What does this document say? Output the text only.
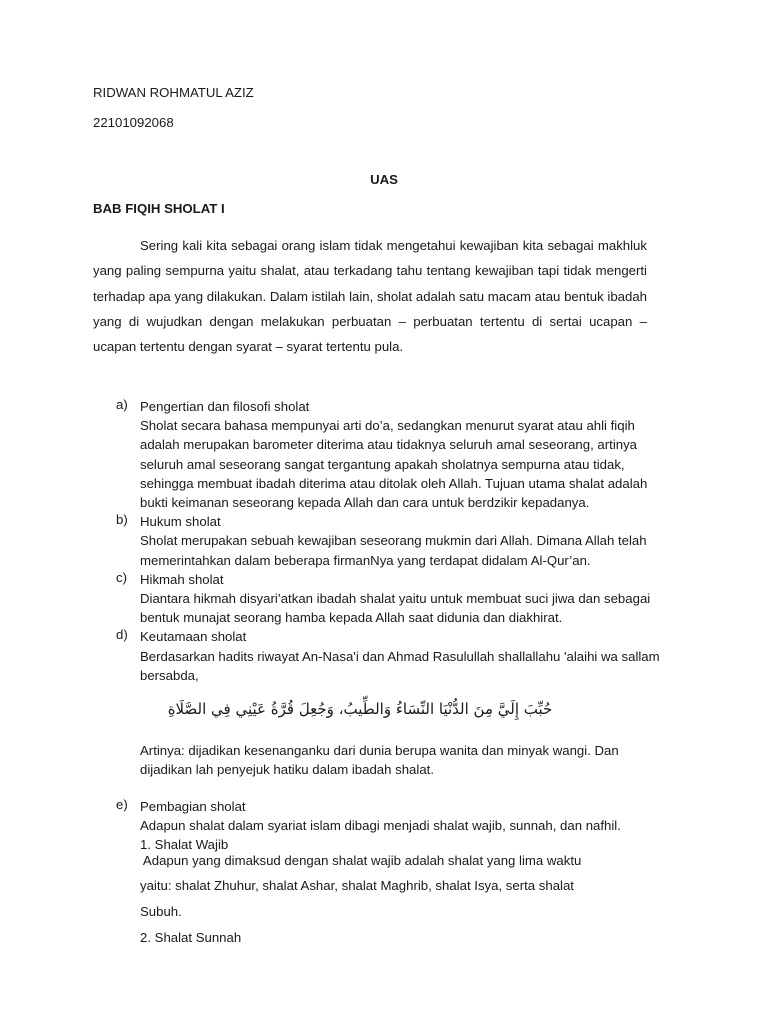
RIDWAN ROHMATUL AZIZ
22101092068
UAS
BAB FIQIH SHOLAT I

Sering kali kita sebagai orang islam tidak mengetahui kewajiban kita sebagai makhluk yang paling sempurna yaitu shalat, atau terkadang tahu tentang kewajiban tapi tidak mengerti terhadap apa yang dilakukan. Dalam istilah lain, sholat adalah satu macam atau bentuk ibadah yang di wujudkan dengan melakukan perbuatan – perbuatan tertentu di sertai ucapan – ucapan tertentu dengan syarat – syarat tertentu pula.

a) Pengertian dan filosofi sholat
Sholat secara bahasa mempunyai arti do’a, sedangkan menurut syarat atau ahli fiqih
adalah merupakan barometer diterima atau tidaknya seluruh amal seseorang, artinya
seluruh amal seseorang sangat tergantung apakah sholatnya sempurna atau tidak,
sehingga membuat ibadah diterima atau ditolak oleh Allah. Tujuan utama shalat adalah
bukti keimanan seseorang kepada Allah dan cara untuk berdzikir kepadanya.
b) Hukum sholat
Sholat merupakan sebuah kewajiban seseorang mukmin dari Allah. Dimana Allah telah
memerintahkan dalam beberapa firmanNya yang terdapat didalam Al-Qur’an.
c) Hikmah sholat
Diantara hikmah disyari’atkan ibadah shalat yaitu untuk membuat suci jiwa dan sebagai
bentuk munajat seorang hamba kepada Allah saat didunia dan diakhirat.
d) Keutamaan sholat
Berdasarkan hadits riwayat An-Nasa'i dan Ahmad Rasulullah shallallahu 'alaihi wa sallam
bersabda,
حُبِّبَ إِلَيَّ مِنَ الدُّنْيَا النِّسَاءُ وَالطِّيبُ، وَجُعِلَ قُرَّةُ عَيْنِي فِي الصَّلَاةِ
Artinya: dijadikan kesenanganku dari dunia berupa wanita dan minyak wangi. Dan
dijadikan lah penyejuk hatiku dalam ibadah shalat.
e) Pembagian sholat
Adapun shalat dalam syariat islam dibagi menjadi shalat wajib, sunnah, dan nafhil.
1. Shalat Wajib
Adapun yang dimaksud dengan shalat wajib adalah shalat yang lima waktu
yaitu: shalat Zhuhur, shalat Ashar, shalat Maghrib, shalat Isya, serta shalat
Subuh.
2. Shalat Sunnah
